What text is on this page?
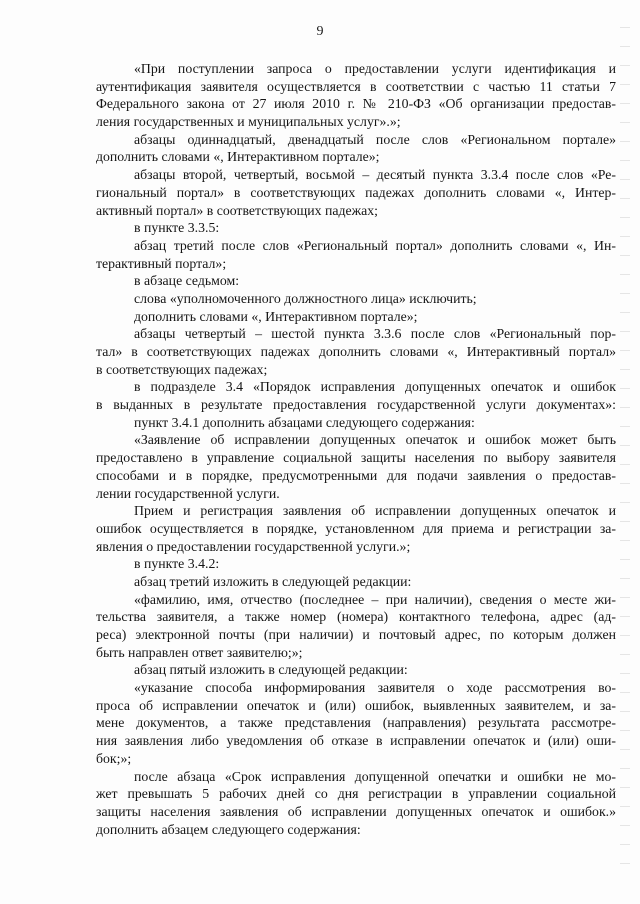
9
«При поступлении запроса о предоставлении услуги идентификация и
аутентификация заявителя осуществляется в соответствии с частью 11 статьи 7
Федерального закона от 27 июля 2010 г. № 210-ФЗ «Об организации предостав-
ления государственных и муниципальных услуг».»;
абзацы одиннадцатый, двенадцатый после слов «Региональном портале»
дополнить словами «, Интерактивном портале»;
абзацы второй, четвертый, восьмой – десятый пункта 3.3.4 после слов «Ре-
гиональный портал» в соответствующих падежах дополнить словами «, Интер-
активный портал» в соответствующих падежах;
в пункте 3.3.5:
абзац третий после слов «Региональный портал» дополнить словами «, Ин-
терактивный портал»;
в абзаце седьмом:
слова «уполномоченного должностного лица» исключить;
дополнить словами «, Интерактивном портале»;
абзацы четвертый – шестой пункта 3.3.6 после слов «Региональный пор-
тал» в соответствующих падежах дополнить словами «, Интерактивный портал»
в соответствующих падежах;
в подразделе 3.4 «Порядок исправления допущенных опечаток и ошибок
в выданных в результате предоставления государственной услуги документах»:
пункт 3.4.1 дополнить абзацами следующего содержания:
«Заявление об исправлении допущенных опечаток и ошибок может быть
предоставлено в управление социальной защиты населения по выбору заявителя
способами и в порядке, предусмотренными для подачи заявления о предостав-
лении государственной услуги.
Прием и регистрация заявления об исправлении допущенных опечаток и
ошибок осуществляется в порядке, установленном для приема и регистрации за-
явления о предоставлении государственной услуги.»;
в пункте 3.4.2:
абзац третий изложить в следующей редакции:
«фамилию, имя, отчество (последнее – при наличии), сведения о месте жи-
тельства заявителя, а также номер (номера) контактного телефона, адрес (ад-
реса) электронной почты (при наличии) и почтовый адрес, по которым должен
быть направлен ответ заявителю;»;
абзац пятый изложить в следующей редакции:
«указание способа информирования заявителя о ходе рассмотрения во-
проса об исправлении опечаток и (или) ошибок, выявленных заявителем, и за-
мене документов, а также представления (направления) результата рассмотре-
ния заявления либо уведомления об отказе в исправлении опечаток и (или) оши-
бок;»;
после абзаца «Срок исправления допущенной опечатки и ошибки не мо-
жет превышать 5 рабочих дней со дня регистрации в управлении социальной
защиты населения заявления об исправлении допущенных опечаток и ошибок.»
дополнить абзацем следующего содержания:
